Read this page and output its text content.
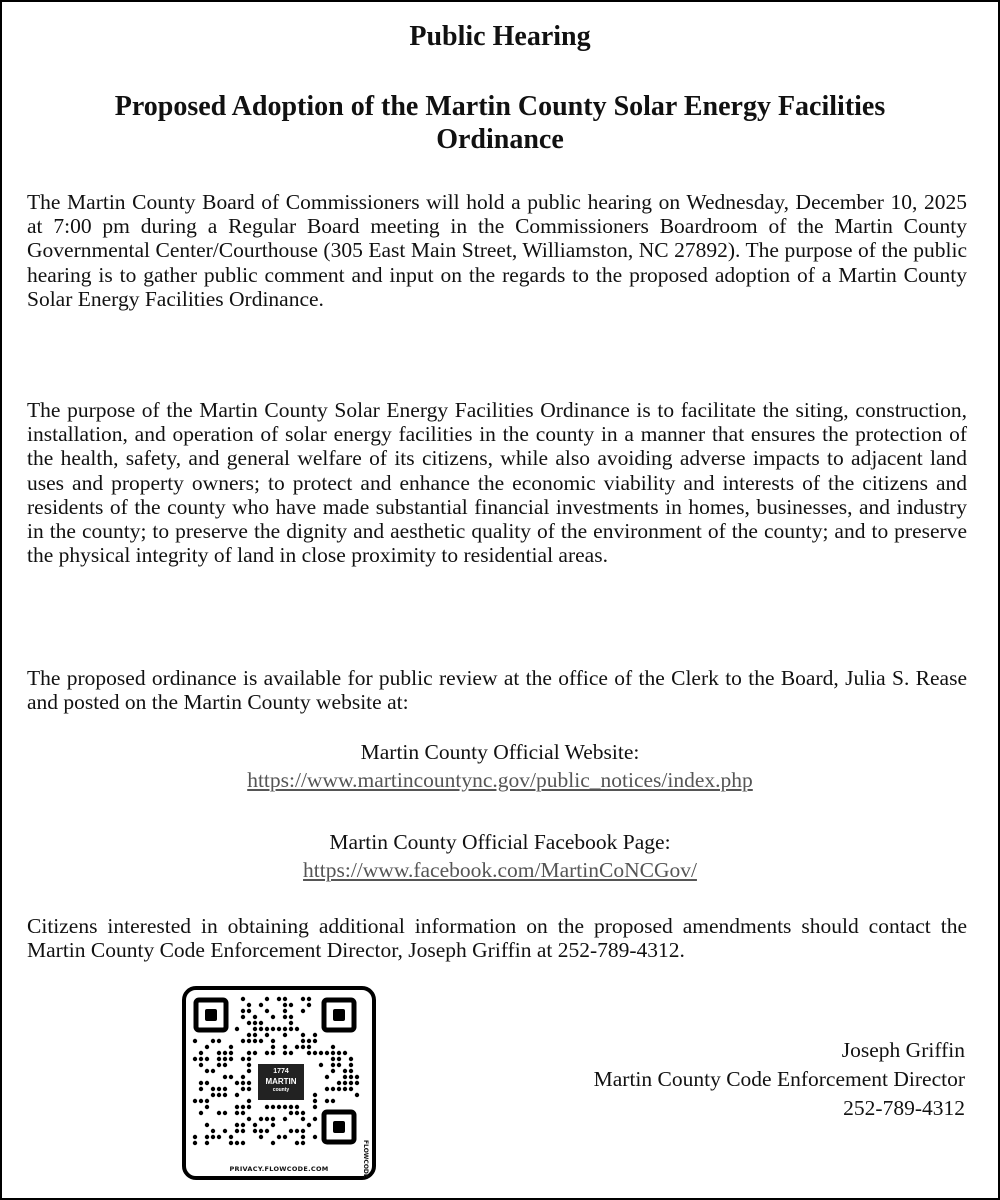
Public Hearing
Proposed Adoption of the Martin County Solar Energy Facilities Ordinance

The Martin County Board of Commissioners will hold a public hearing on Wednesday, December 10, 2025 at 7:00 pm during a Regular Board meeting in the Commissioners Boardroom of the Martin County Governmental Center/Courthouse (305 East Main Street, Williamston, NC 27892). The purpose of the public hearing is to gather public comment and input on the regards to the proposed adoption of a Martin County Solar Energy Facilities Ordinance.

The purpose of the Martin County Solar Energy Facilities Ordinance is to facilitate the siting, construction, installation, and operation of solar energy facilities in the county in a manner that ensures the protection of the health, safety, and general welfare of its citizens, while also avoiding adverse impacts to adjacent land uses and property owners; to protect and enhance the economic viability and interests of the citizens and residents of the county who have made substantial financial investments in homes, businesses, and industry in the county; to preserve the dignity and aesthetic quality of the environment of the county; and to preserve the physical integrity of land in close proximity to residential areas.

The proposed ordinance is available for public review at the office of the Clerk to the Board, Julia S. Rease and posted on the Martin County website at:

Martin County Official Website:
https://www.martincountync.gov/public_notices/index.php
Martin County Official Facebook Page:
https://www.facebook.com/MartinCoNCGov/

Citizens interested in obtaining additional information on the proposed amendments should contact the Martin County Code Enforcement Director, Joseph Griffin at 252-789-4312.

1774
MARTIN
county
FLOWCODE
PRIVACY.FLOWCODE.COM
Joseph Griffin
Martin County Code Enforcement Director
252-789-4312
